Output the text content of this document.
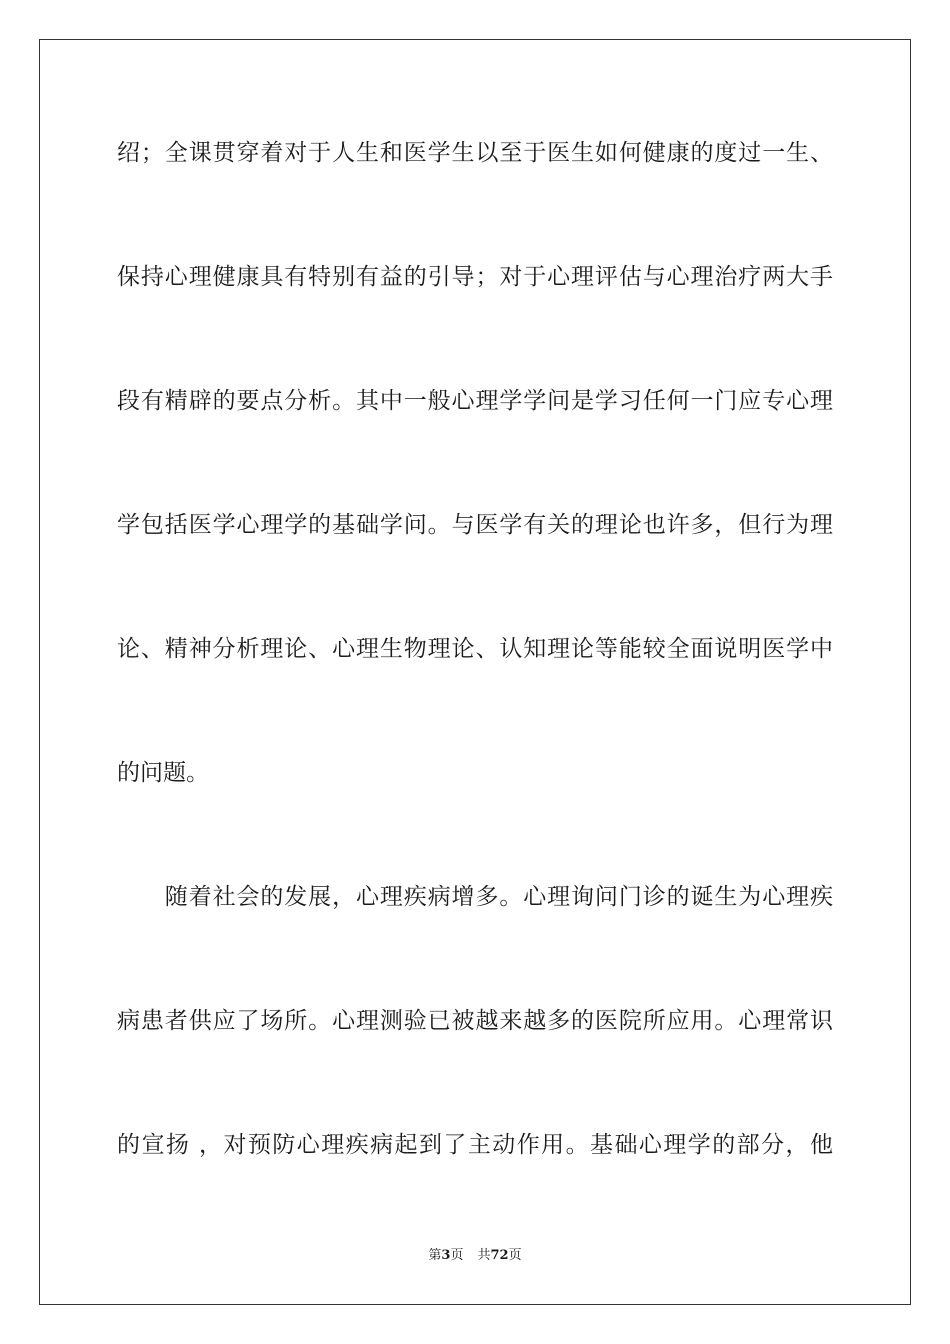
绍；全课贯穿着对于人生和医学生以至于医生如何健康的度过一生、
保持心理健康具有特别有益的引导；对于心理评估与心理治疗两大手
段有精辟的要点分析。其中一般心理学学问是学习任何一门应专心理
学包括医学心理学的基础学问。与医学有关的理论也许多，但行为理
论、精神分析理论、心理生物理论、认知理论等能较全面说明医学中
的问题。
　　随着社会的发展，心理疾病增多。心理询问门诊的诞生为心理疾
病患者供应了场所。心理测验已被越来越多的医院所应用。心理常识
的宣扬 ，对预防心理疾病起到了主动作用。基础心理学的部分，他
第3页 共72页
